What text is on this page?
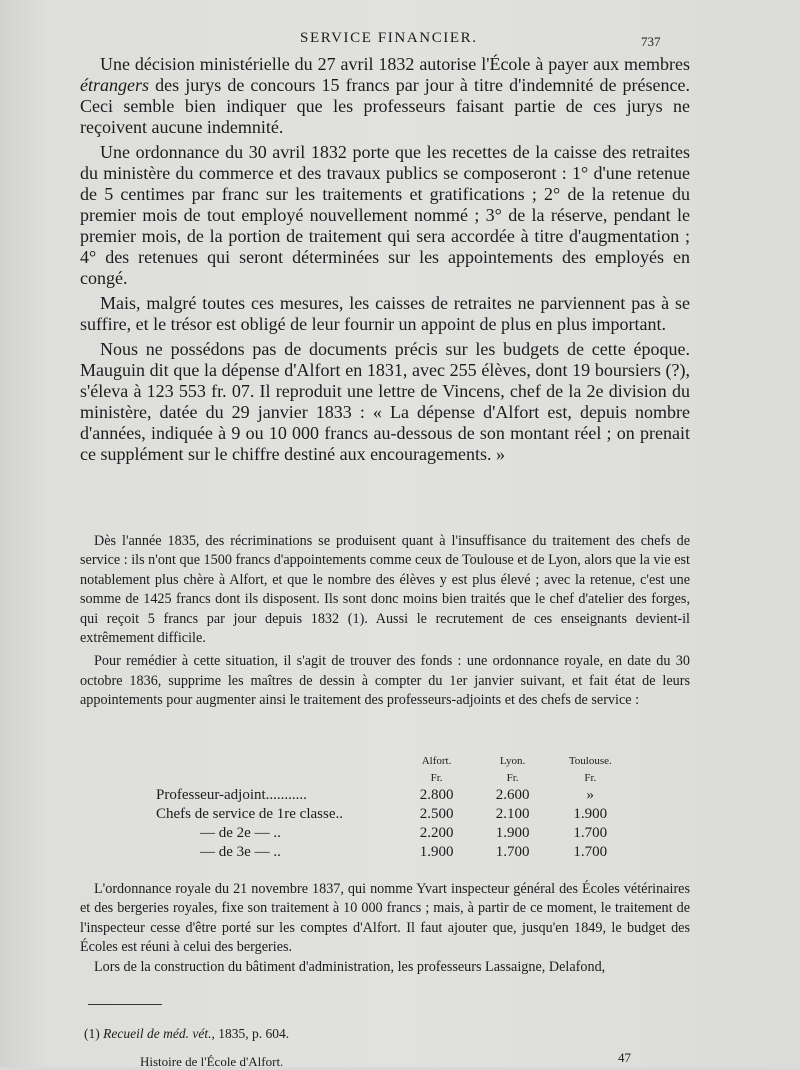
SERVICE FINANCIER.	737

Une décision ministérielle du 27 avril 1832 autorise l'École à payer aux membres étrangers des jurys de concours 15 francs par jour à titre d'indemnité de présence. Ceci semble bien indiquer que les professeurs faisant partie de ces jurys ne reçoivent aucune indemnité.

Une ordonnance du 30 avril 1832 porte que les recettes de la caisse des retraites du ministère du commerce et des travaux publics se composeront : 1° d'une retenue de 5 centimes par franc sur les traitements et gratifications ; 2° de la retenue du premier mois de tout employé nouvellement nommé ; 3° de la réserve, pendant le premier mois, de la portion de traitement qui sera accordée à titre d'augmentation ; 4° des retenues qui seront déterminées sur les appointements des employés en congé.

Mais, malgré toutes ces mesures, les caisses de retraites ne parviennent pas à se suffire, et le trésor est obligé de leur fournir un appoint de plus en plus important.

Nous ne possédons pas de documents précis sur les budgets de cette époque. Mauguin dit que la dépense d'Alfort en 1831, avec 255 élèves, dont 19 boursiers (?), s'éleva à 123 553 fr. 07. Il reproduit une lettre de Vincens, chef de la 2e division du ministère, datée du 29 janvier 1833 : « La dépense d'Alfort est, depuis nombre d'années, indiquée à 9 ou 10 000 francs au-dessous de son montant réel ; on prenait ce supplément sur le chiffre destiné aux encouragements. »

Dès l'année 1835, des récriminations se produisent quant à l'insuffisance du traitement des chefs de service : ils n'ont que 1500 francs d'appointements comme ceux de Toulouse et de Lyon, alors que la vie est notablement plus chère à Alfort, et que le nombre des élèves y est plus élevé ; avec la retenue, c'est une somme de 1425 francs dont ils disposent. Ils sont donc moins bien traités que le chef d'atelier des forges, qui reçoit 5 francs par jour depuis 1832 (1). Aussi le recrutement de ces enseignants devient-il extrêmement difficile.

Pour remédier à cette situation, il s'agit de trouver des fonds : une ordonnance royale, en date du 30 octobre 1836, supprime les maîtres de dessin à compter du 1er janvier suivant, et fait état de leurs appointements pour augmenter ainsi le traitement des professeurs-adjoints et des chefs de service :

	Alfort.	Lyon.	Toulouse.
	Fr.	Fr.	Fr.
Professeur-adjoint...........	2.800	2.600	»
Chefs de service de 1re classe..	2.500	2.100	1.900
— de 2e — ..	2.200	1.900	1.700
— de 3e — ..	1.900	1.700	1.700

L'ordonnance royale du 21 novembre 1837, qui nomme Yvart inspecteur général des Écoles vétérinaires et des bergeries royales, fixe son traitement à 10 000 francs ; mais, à partir de ce moment, le traitement de l'inspecteur cesse d'être porté sur les comptes d'Alfort. Il faut ajouter que, jusqu'en 1849, le budget des Écoles est réuni à celui des bergeries.

Lors de la construction du bâtiment d'administration, les professeurs Lassaigne, Delafond,

(1) Recueil de méd. vét., 1835, p. 604.
Histoire de l'École d'Alfort.	47
